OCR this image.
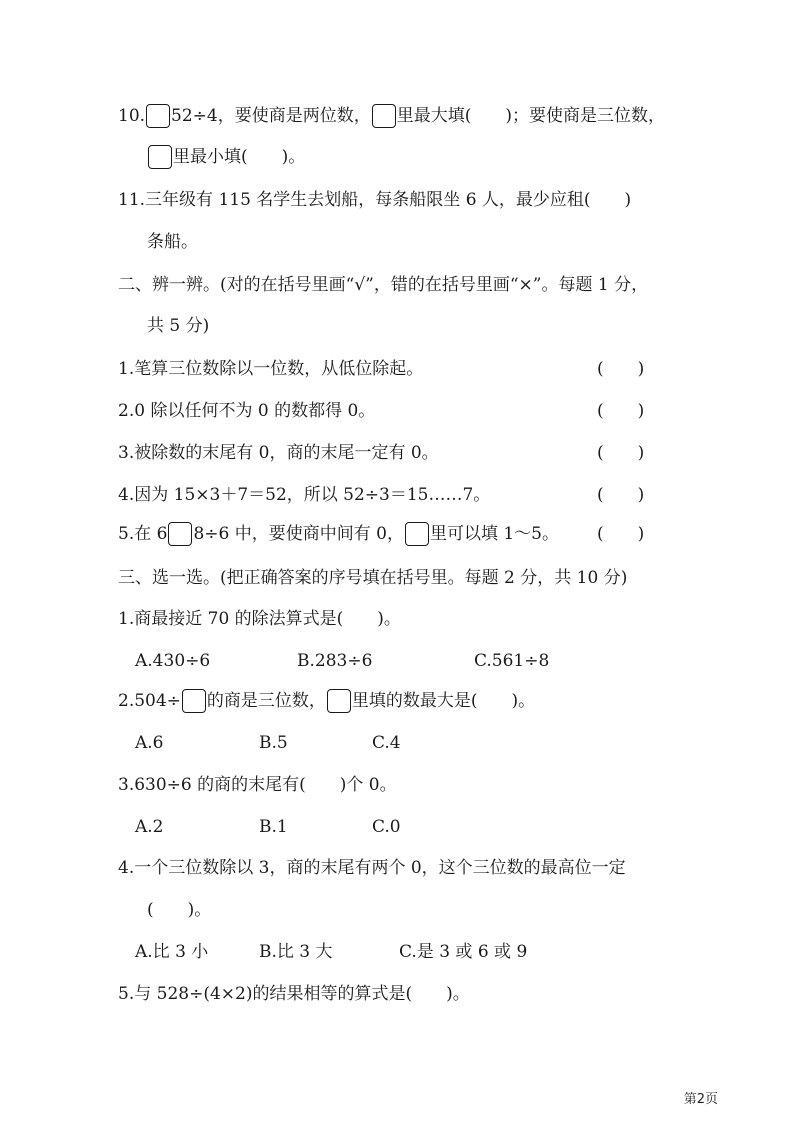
10. 52÷4，要使商是两位数， 里最大填(　　)；要使商是三位数，
里最小填(　　)。
11.三年级有 115 名学生去划船，每条船限坐 6 人，最少应租(　　)
条船。
二、辨一辨。(对的在括号里画“√”，错的在括号里画“×”。每题 1 分，
共 5 分)
1.笔算三位数除以一位数，从低位除起。	(　　)
2.0 除以任何不为 0 的数都得 0。	(　　)
3.被除数的末尾有 0，商的末尾一定有 0。	(　　)
4.因为 15×3＋7＝52，所以 52÷3＝15……7。	(　　)
5.在 6 8÷6 中，要使商中间有 0， 里可以填 1～5。 (　　)
三、选一选。(把正确答案的序号填在括号里。每题 2 分，共 10 分)
1.商最接近 70 的除法算式是(　　)。
A.430÷6	B.283÷6	C.561÷8
2.504÷ 的商是三位数， 里填的数最大是(　　)。
A.6	B.5	C.4
3.630÷6 的商的末尾有(　　)个 0。
A.2	B.1	C.0
4.一个三位数除以 3，商的末尾有两个 0，这个三位数的最高位一定
(　　)。
A.比 3 小	B.比 3 大	C.是 3 或 6 或 9
5.与 528÷(4×2)的结果相等的算式是(　　)。
第2页
